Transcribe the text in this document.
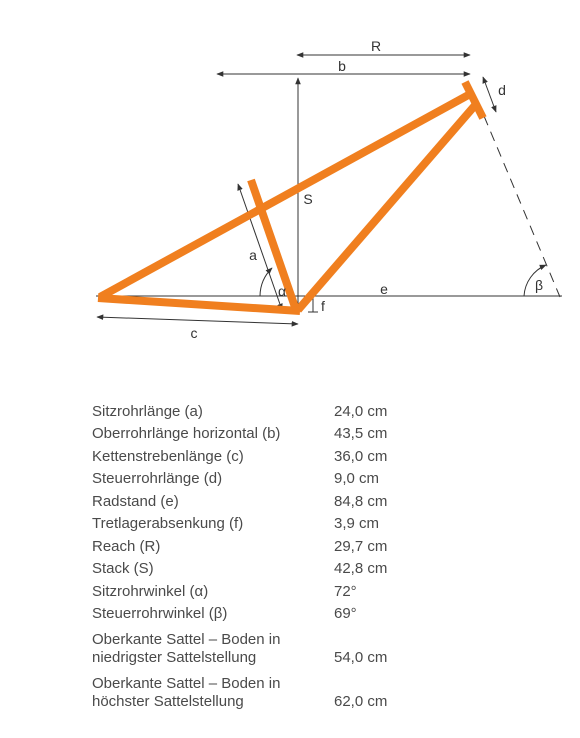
R
b
d
S
a
α
f
e	β
c
Sitzrohrlänge (a)	24,0 cm
Oberrohrlänge horizontal (b)	43,5 cm
Kettenstrebenlänge (c)	36,0 cm
Steuerrohrlänge (d)	9,0 cm
Radstand (e)	84,8 cm
Tretlagerabsenkung (f)	3,9 cm
Reach (R)	29,7 cm
Stack (S)	42,8 cm
Sitzrohrwinkel (α)	72°
Steuerrohrwinkel (β)	69°
Oberkante Sattel – Boden in
niedrigster Sattelstellung	54,0 cm
Oberkante Sattel – Boden in
höchster Sattelstellung	62,0 cm
